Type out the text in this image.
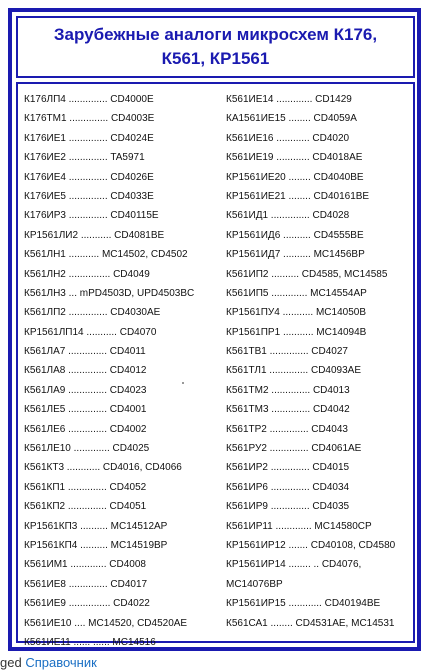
Зарубежные аналоги микросхем К176,
К561, КР1561
К176ЛП4 .............. CD4000E
К176ТМ1 .............. CD4003E
К176ИЕ1 .............. CD4024E
К176ИЕ2 .............. TA5971
К176ИЕ4 .............. CD4026E
К176ИЕ5 .............. CD4033E
К176ИР3 .............. CD40115E
КР1561ЛИ2 ........... CD4081BE
К561ЛН1 ........... MC14502, CD4502
К561ЛН2 ............... CD4049
К561ЛН3 ... mPD4503D, UPD4503BC
К561ЛП2 .............. CD4030AE
КР1561ЛП14 ........... CD4070
К561ЛА7 .............. CD4011
К561ЛА8 .............. CD4012
К561ЛА9 .............. CD4023
К561ЛЕ5 .............. CD4001
К561ЛЕ6 .............. CD4002
К561ЛЕ10 ............. CD4025
К561КТ3 ............ CD4016, CD4066
К561КП1 .............. CD4052
К561КП2 .............. CD4051
КР1561КП3 .......... MC14512AP
КР1561КП4 .......... MC14519BP
К561ИМ1 ............. CD4008
К561ИЕ8 .............. CD4017
К561ИЕ9 ............... CD4022
К561ИЕ10 .... MC14520, CD4520AE
К561ИЕ11 ...... ...... MC14516
К561ИЕ14 ............. CD1429
КА1561ИЕ15 ........ CD4059A
К561ИЕ16 ............ CD4020
К561ИЕ19 ............ CD4018AE
КР1561ИЕ20 ........ CD4040BE
КР1561ИЕ21 ........ CD40161BE
К561ИД1 .............. CD4028
КР1561ИД6 .......... CD4555BE
КР1561ИД7 .......... MC1456BP
К561ИП2 .......... CD4585, MC14585
К561ИП5 ............. MC14554AP
КР1561ПУ4 ........... MC14050B
КР1561ПР1 ........... MC14094B
К561ТВ1 .............. CD4027
К561ТЛ1 .............. CD4093AE
К561ТМ2 .............. CD4013
К561ТМ3 .............. CD4042
К561ТР2 .............. CD4043
К561РУ2 .............. CD4061AE
К561ИР2 .............. CD4015
К561ИР6 .............. CD4034
К561ИР9 .............. CD4035
К561ИР11 ............. MC14580CP
КР1561ИР12 ....... CD40108, CD4580
КР1561ИР14 ........ .. CD4076, MC14076BP
КР1561ИР15 ............ CD40194BE
К561СА1 ........ CD4531AE, MC14531
ged Справочник
